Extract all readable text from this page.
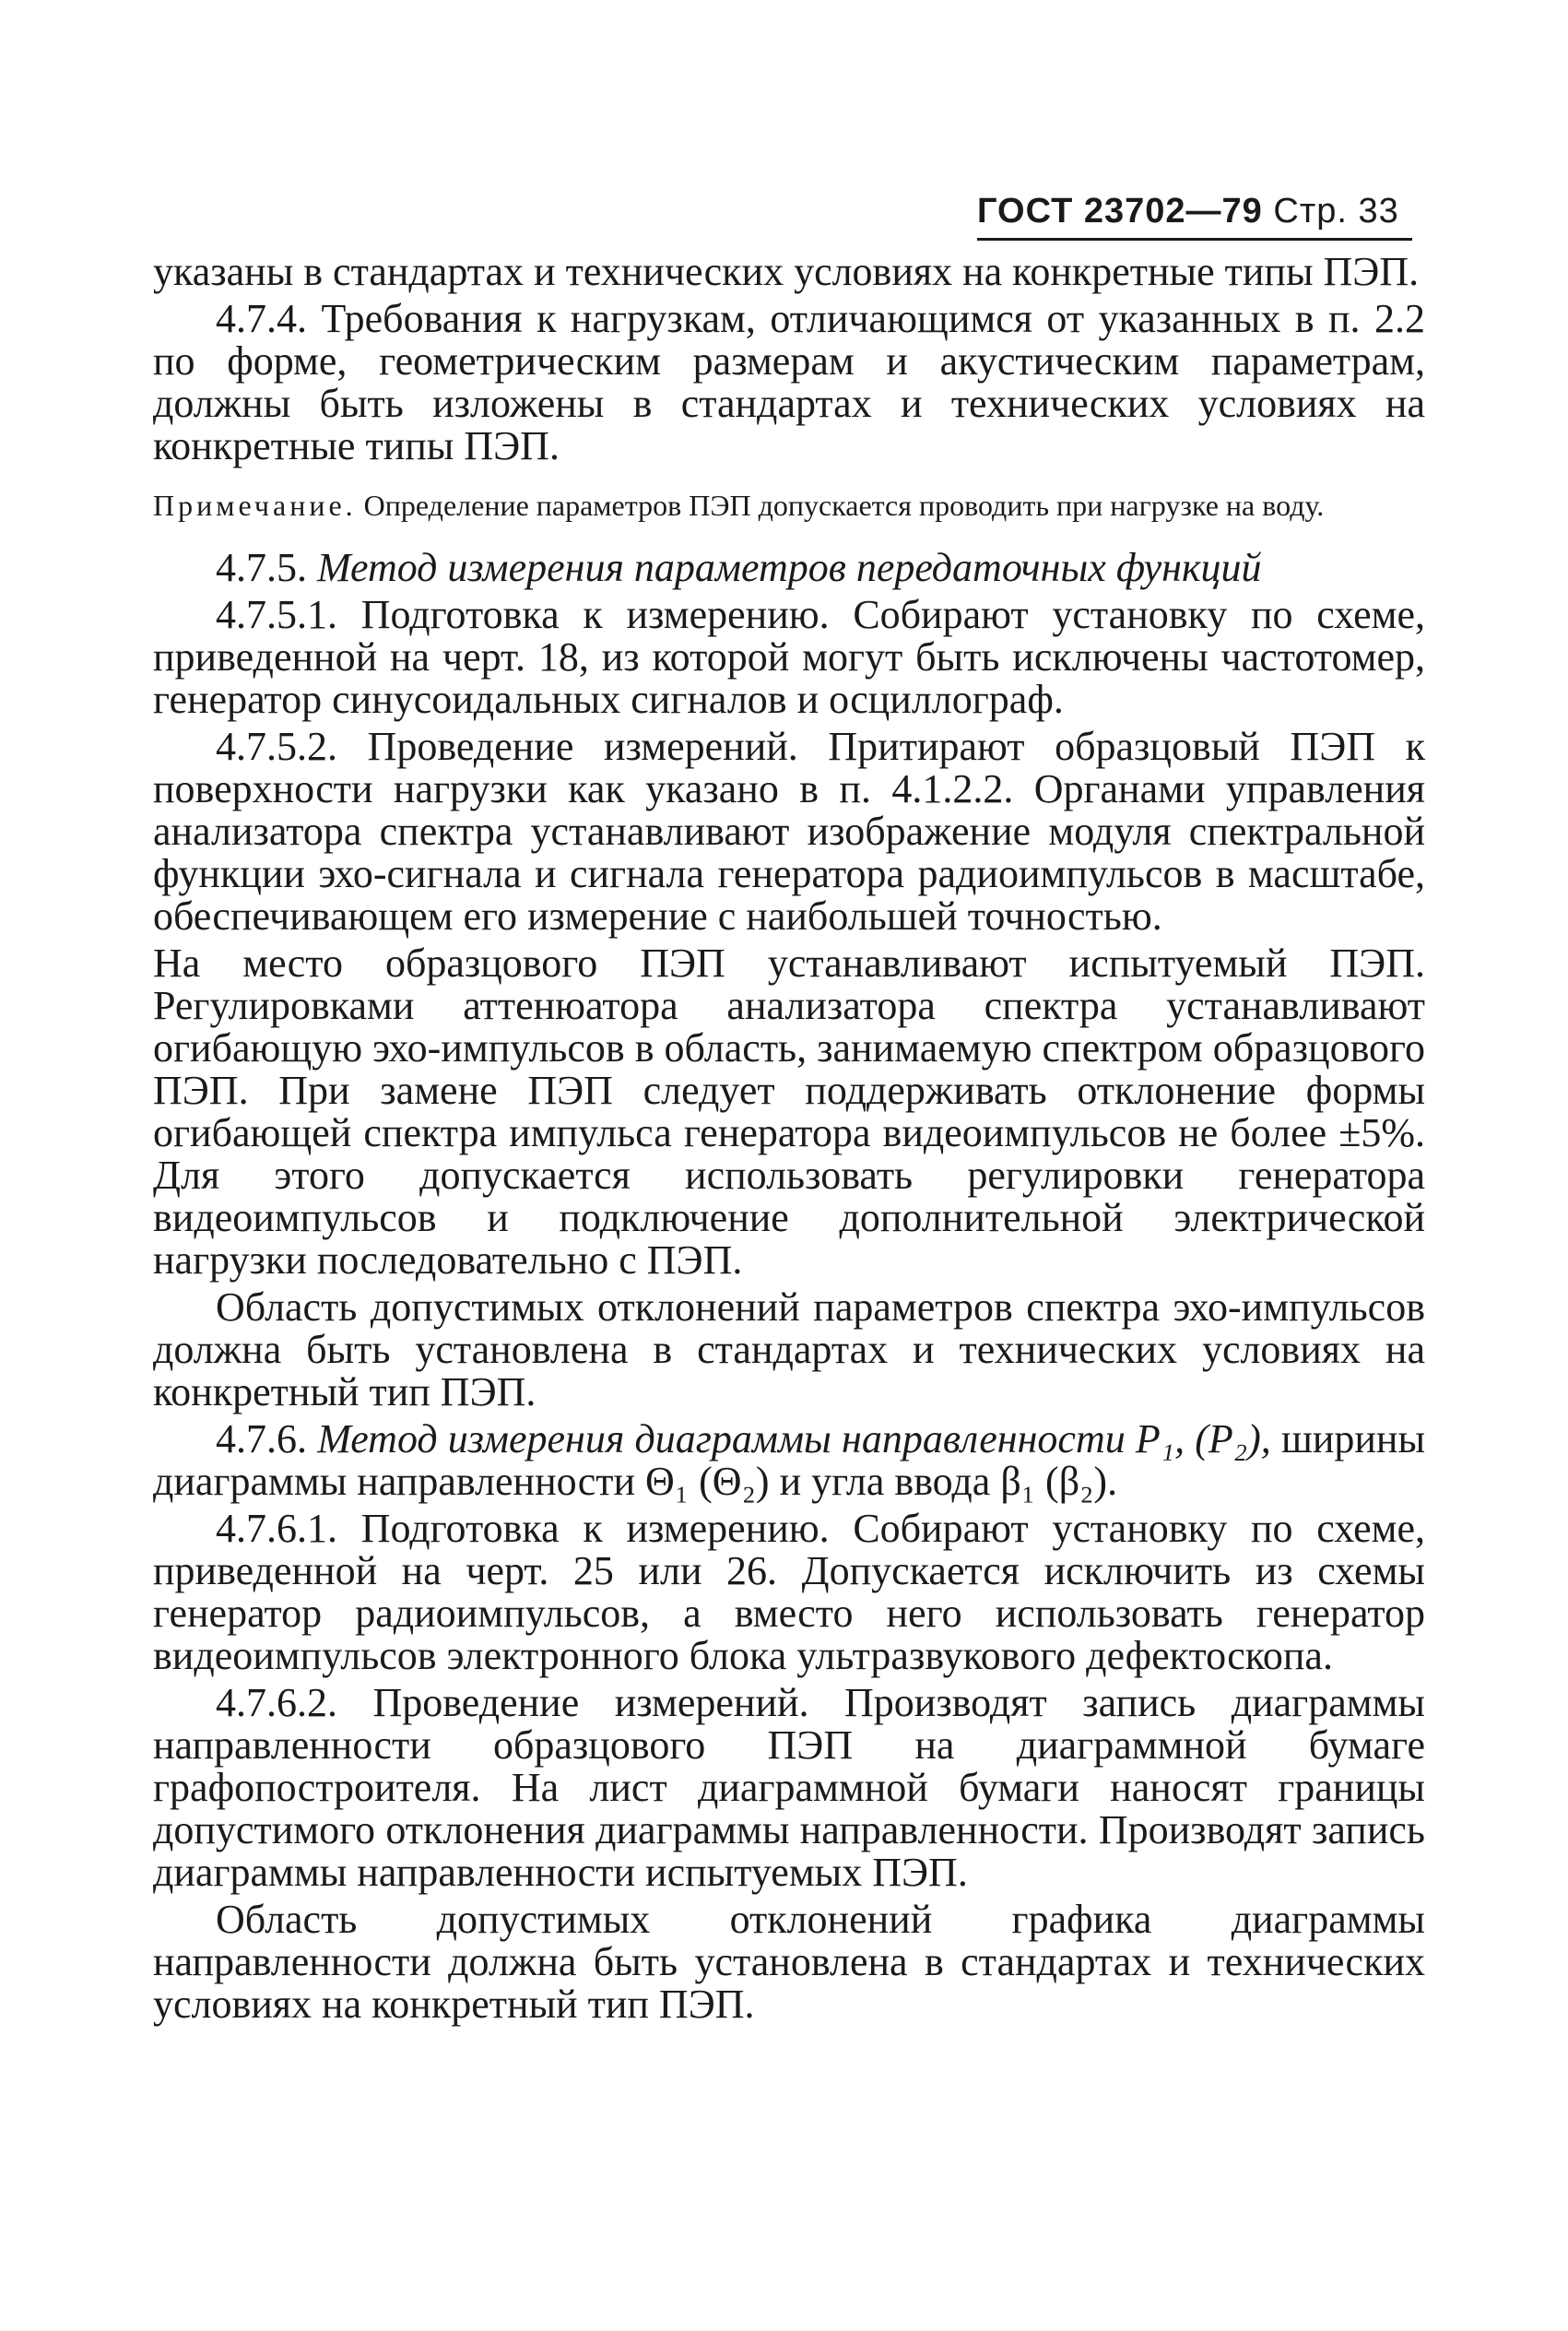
ГОСТ 23702—79 Стр. 33

указаны в стандартах и технических условиях на конкретные типы ПЭП.

4.7.4. Требования к нагрузкам, отличающимся от указанных в п. 2.2 по форме, геометрическим размерам и акустическим параметрам, должны быть изложены в стандартах и технических условиях на конкретные типы ПЭП.

Примечание. Определение параметров ПЭП допускается проводить при нагрузке на воду.

4.7.5. Метод измерения параметров передаточных функций

4.7.5.1. Подготовка к измерению. Собирают установку по схеме, приведенной на черт. 18, из которой могут быть исключены частотомер, генератор синусоидальных сигналов и осциллограф.

4.7.5.2. Проведение измерений. Притирают образцовый ПЭП к поверхности нагрузки как указано в п. 4.1.2.2. Органами управления анализатора спектра устанавливают изображение модуля спектральной функции эхо-сигнала и сигнала генератора радиоимпульсов в масштабе, обеспечивающем его измерение с наибольшей точностью.

На место образцового ПЭП устанавливают испытуемый ПЭП. Регулировками аттенюатора анализатора спектра устанавливают огибающую эхо-импульсов в область, занимаемую спектром образцового ПЭП. При замене ПЭП следует поддерживать отклонение формы огибающей спектра импульса генератора видеоимпульсов не более ±5%. Для этого допускается использовать регулировки генератора видеоимпульсов и подключение дополнительной электрической нагрузки последовательно с ПЭП.

Область допустимых отклонений параметров спектра эхо-импульсов должна быть установлена в стандартах и технических условиях на конкретный тип ПЭП.

4.7.6. Метод измерения диаграммы направленности P₁, (P₂), ширины диаграммы направленности Θ₁ (Θ₂) и угла ввода β₁ (β₂).

4.7.6.1. Подготовка к измерению. Собирают установку по схеме, приведенной на черт. 25 или 26. Допускается исключить из схемы генератор радиоимпульсов, а вместо него использовать генератор видеоимпульсов электронного блока ультразвукового дефектоскопа.

4.7.6.2. Проведение измерений. Производят запись диаграммы направленности образцового ПЭП на диаграммной бумаге графопостроителя. На лист диаграммной бумаги наносят границы допустимого отклонения диаграммы направленности. Производят запись диаграммы направленности испытуемых ПЭП.

Область допустимых отклонений графика диаграммы направленности должна быть установлена в стандартах и технических условиях на конкретный тип ПЭП.
